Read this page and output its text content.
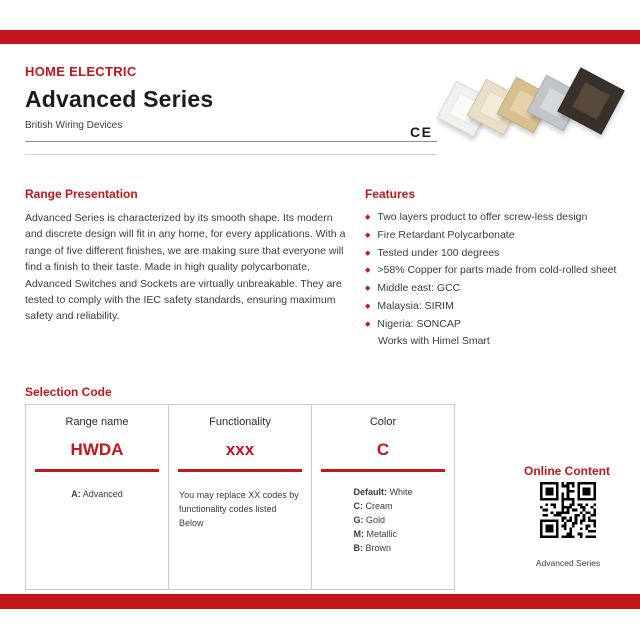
HOME ELECTRIC
Advanced Series
British Wiring Devices	CE
Range Presentation

Advanced Series is characterized by its smooth shape. Its modern and discrete design will fit in any home, for every applications. With a range of five different finishes, we are making sure that everyone will find a finish to their taste. Made in high quality polycarbonate, Advanced Switches and Sockets are virtually unbreakable. They are tested to comply with the IEC safety standards, ensuring maximum safety and reliability.

Features
◆ Two layers product to offer screw-less design
◆ Fire Retardant Polycarbonate
◆ Tested under 100 degrees
◆ >58% Copper for parts made from cold-rolled sheet
◆ Middle east: GCC
◆ Malaysia: SIRIM
◆ Nigeria: SONCAP
Works with Himel Smart
Selection Code
Range name
HWDA
A: Advanced
Functionality
xxx
You may replace XX codes by
functionality codes listed Below
Color
C
Default: White
C: Cream
G: Gold
M: Metallic
B: Brown
Online Content
Advanced Series
